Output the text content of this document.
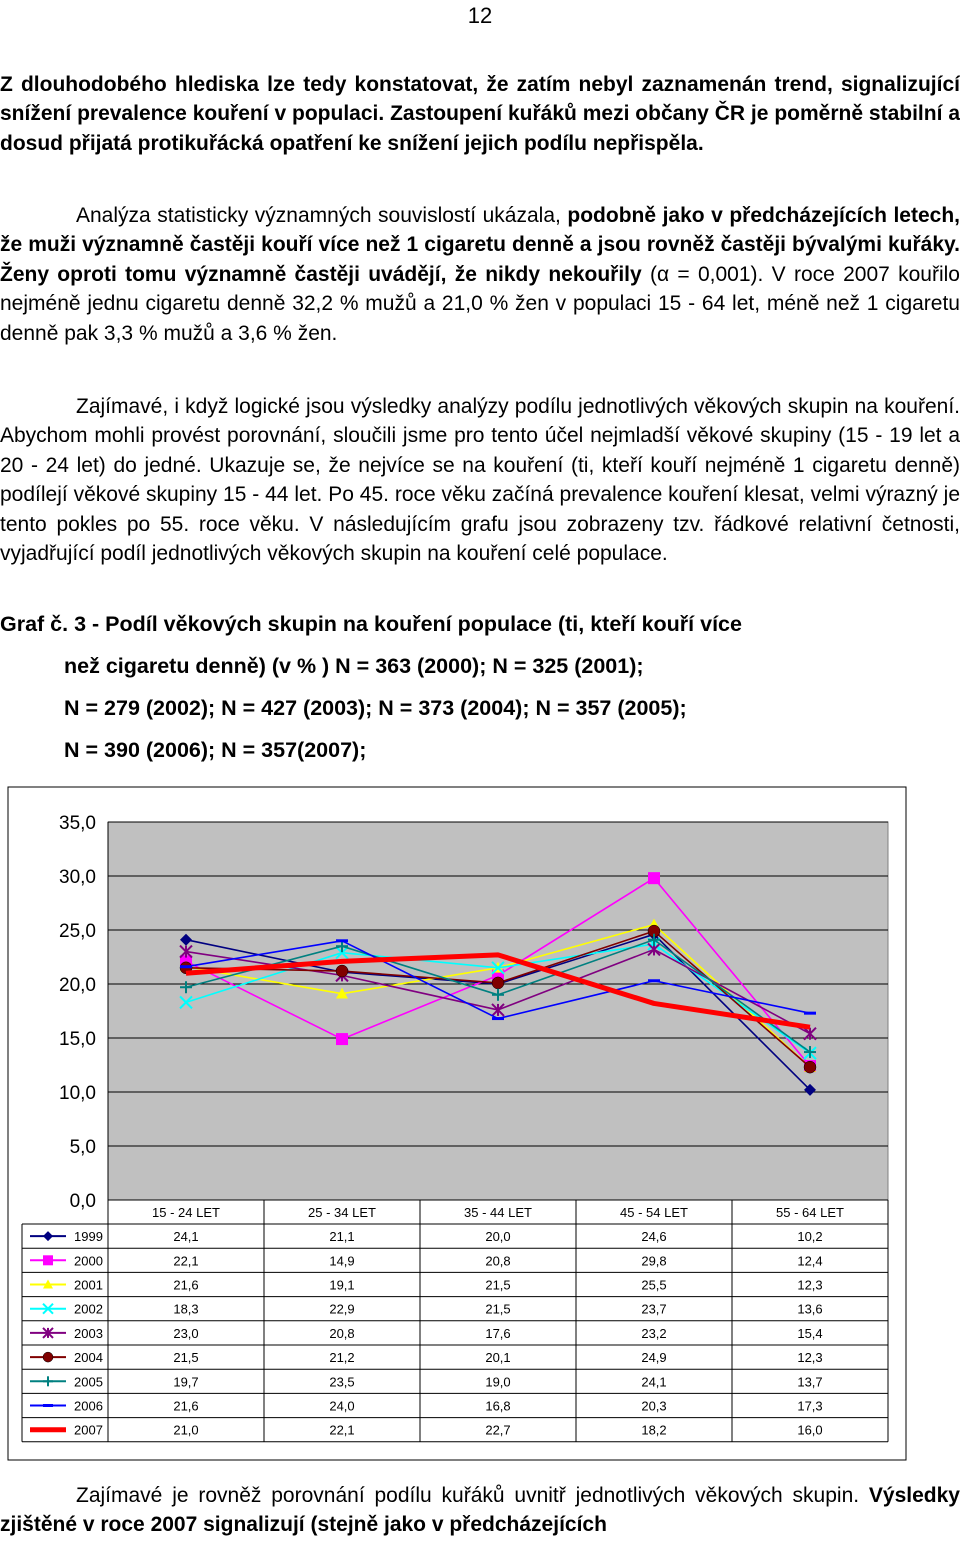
12

Z dlouhodobého hlediska lze tedy konstatovat, že zatím nebyl zaznamenán trend, signalizující snížení prevalence kouření v populaci. Zastoupení kuřáků mezi občany ČR je poměrně stabilní a dosud přijatá protikuřácká opatření ke snížení jejich podílu nepřispěla.

Analýza statisticky významných souvislostí ukázala, podobně jako v předcházejících letech, že muži významně častěji kouří více než 1 cigaretu denně a jsou rovněž častěji bývalými kuřáky. Ženy oproti tomu významně častěji uvádějí, že nikdy nekouřily (α = 0,001). V roce 2007 kouřilo nejméně jednu cigaretu denně 32,2 % mužů a 21,0 % žen v populaci 15 - 64 let, méně než 1 cigaretu denně pak 3,3 % mužů a 3,6 % žen.

Zajímavé, i když logické jsou výsledky analýzy podílu jednotlivých věkových skupin na kouření. Abychom mohli provést porovnání, sloučili jsme pro tento účel nejmladší věkové skupiny (15 - 19 let a 20 - 24 let) do jedné. Ukazuje se, že nejvíce se na kouření (ti, kteří kouří nejméně 1 cigaretu denně) podílejí věkové skupiny 15 - 44 let. Po 45. roce věku začíná prevalence kouření klesat, velmi výrazný je tento pokles po 55. roce věku. V následujícím grafu jsou zobrazeny tzv. řádkové relativní četnosti, vyjadřující podíl jednotlivých věkových skupin na kouření celé populace.

Graf č. 3 - Podíl věkových skupin na kouření populace (ti, kteří kouří více
než cigaretu denně) (v % ) N = 363 (2000); N = 325 (2001);
N = 279 (2002); N = 427 (2003); N = 373 (2004); N = 357 (2005);
N = 390 (2006); N = 357(2007);
0,0
5,0
10,0
15,0
20,0
25,0
30,0
35,0
15 - 24 LET	25 - 34 LET	35 - 44 LET	45 - 54 LET	55 - 64 LET
1999	24,1	21,1	20,0	24,6	10,2
2000	22,1	14,9	20,8	29,8	12,4
2001	21,6	19,1	21,5	25,5	12,3
2002	18,3	22,9	21,5	23,7	13,6
2003	23,0	20,8	17,6	23,2	15,4
2004	21,5	21,2	20,1	24,9	12,3
2005	19,7	23,5	19,0	24,1	13,7
2006	21,6	24,0	16,8	20,3	17,3
2007	21,0	22,1	22,7	18,2	16,0

Zajímavé je rovněž porovnání podílu kuřáků uvnitř jednotlivých věkových skupin. Výsledky zjištěné v roce 2007 signalizují (stejně jako v předcházejících
